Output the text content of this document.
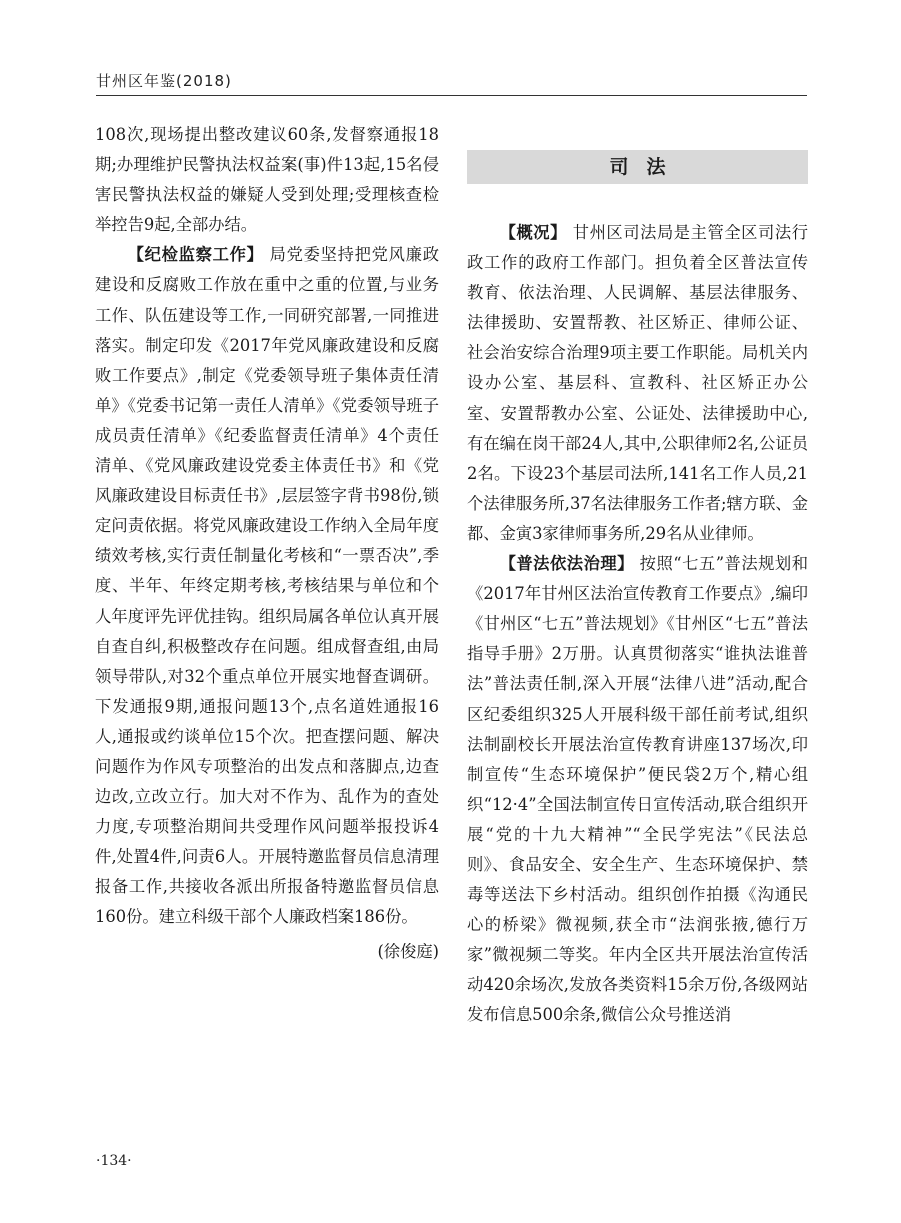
甘州区年鉴(2018)

108次,现场提出整改建议60条,发督察通报18期;办理维护民警执法权益案(事)件13起,15名侵害民警执法权益的嫌疑人受到处理;受理核查检举控告9起,全部办结。

【纪检监察工作】 局党委坚持把党风廉政建设和反腐败工作放在重中之重的位置,与业务工作、队伍建设等工作,一同研究部署,一同推进落实。制定印发《2017年党风廉政建设和反腐败工作要点》,制定《党委领导班子集体责任清单》《党委书记第一责任人清单》《党委领导班子成员责任清单》《纪委监督责任清单》4个责任清单、《党风廉政建设党委主体责任书》和《党风廉政建设目标责任书》,层层签字背书98份,锁定问责依据。将党风廉政建设工作纳入全局年度绩效考核,实行责任制量化考核和“一票否决”,季度、半年、年终定期考核,考核结果与单位和个人年度评先评优挂钩。组织局属各单位认真开展自查自纠,积极整改存在问题。组成督查组,由局领导带队,对32个重点单位开展实地督查调研。下发通报9期,通报问题13个,点名道姓通报16人,通报或约谈单位15个次。把查摆问题、解决问题作为作风专项整治的出发点和落脚点,边查边改,立改立行。加大对不作为、乱作为的查处力度,专项整治期间共受理作风问题举报投诉4件,处置4件,问责6人。开展特邀监督员信息清理报备工作,共接收各派出所报备特邀监督员信息160份。建立科级干部个人廉政档案186份。

(徐俊庭)

司法

【概况】 甘州区司法局是主管全区司法行政工作的政府工作部门。担负着全区普法宣传教育、依法治理、人民调解、基层法律服务、法律援助、安置帮教、社区矫正、律师公证、社会治安综合治理9项主要工作职能。局机关内设办公室、基层科、宣教科、社区矫正办公室、安置帮教办公室、公证处、法律援助中心,有在编在岗干部24人,其中,公职律师2名,公证员2名。下设23个基层司法所,141名工作人员,21个法律服务所,37名法律服务工作者;辖方联、金都、金寅3家律师事务所,29名从业律师。

【普法依法治理】 按照“七五”普法规划和《2017年甘州区法治宣传教育工作要点》,编印《甘州区“七五”普法规划》《甘州区“七五”普法指导手册》2万册。认真贯彻落实“谁执法谁普法”普法责任制,深入开展“法律八进”活动,配合区纪委组织325人开展科级干部任前考试,组织法制副校长开展法治宣传教育讲座137场次,印制宣传“生态环境保护”便民袋2万个,精心组织“12·4”全国法制宣传日宣传活动,联合组织开展“党的十九大精神”“全民学宪法”《民法总则》、食品安全、安全生产、生态环境保护、禁毒等送法下乡村活动。组织创作拍摄《沟通民心的桥梁》微视频,获全市“法润张掖,德行万家”微视频二等奖。年内全区共开展法治宣传活动420余场次,发放各类资料15余万份,各级网站发布信息500余条,微信公众号推送消

·134·
